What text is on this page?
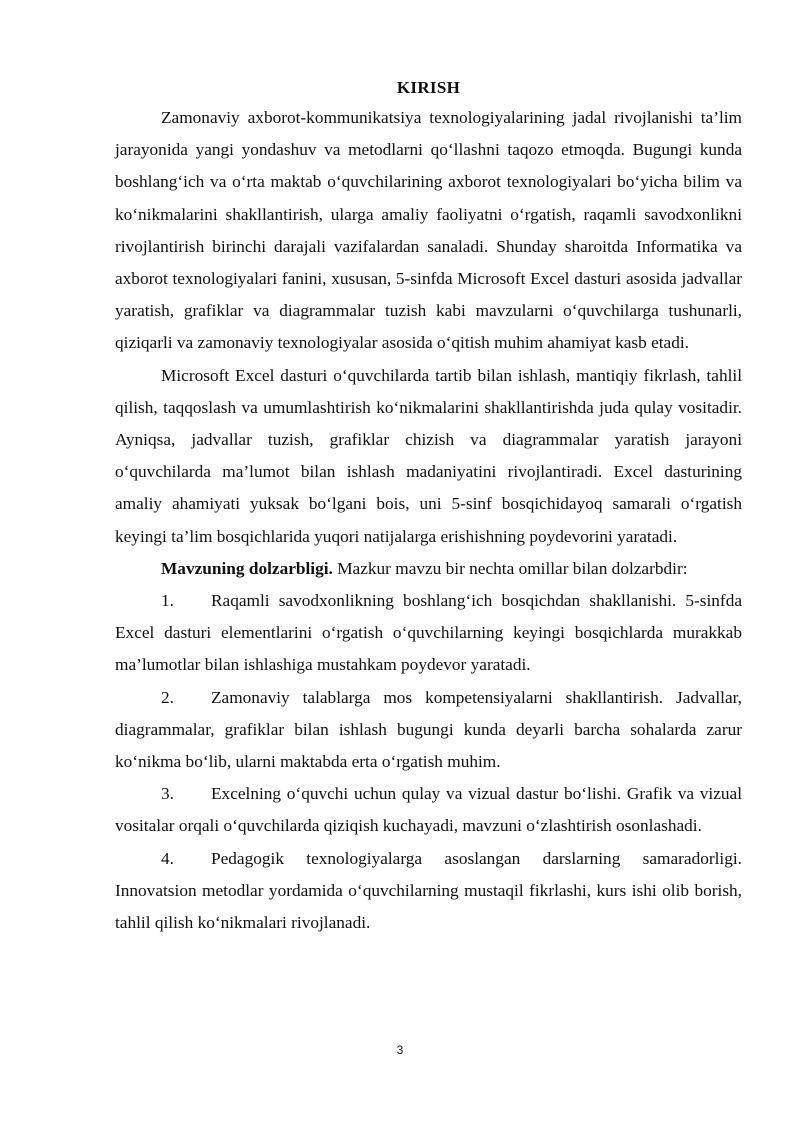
KIRISH

Zamonaviy axborot-kommunikatsiya texnologiyalarining jadal rivojlanishi ta’lim jarayonida yangi yondashuv va metodlarni qo‘llashni taqozo etmoqda. Bugungi kunda boshlang‘ich va o‘rta maktab o‘quvchilarining axborot texnologiyalari bo‘yicha bilim va ko‘nikmalarini shakllantirish, ularga amaliy faoliyatni o‘rgatish, raqamli savodxonlikni rivojlantirish birinchi darajali vazifalardan sanaladi. Shunday sharoitda Informatika va axborot texnologiyalari fanini, xususan, 5-sinfda Microsoft Excel dasturi asosida jadvallar yaratish, grafiklar va diagrammalar tuzish kabi mavzularni o‘quvchilarga tushunarli, qiziqarli va zamonaviy texnologiyalar asosida o‘qitish muhim ahamiyat kasb etadi.

Microsoft Excel dasturi o‘quvchilarda tartib bilan ishlash, mantiqiy fikrlash, tahlil qilish, taqqoslash va umumlashtirish ko‘nikmalarini shakllantirishda juda qulay vositadir. Ayniqsa, jadvallar tuzish, grafiklar chizish va diagrammalar yaratish jarayoni o‘quvchilarda ma’lumot bilan ishlash madaniyatini rivojlantiradi. Excel dasturining amaliy ahamiyati yuksak bo‘lgani bois, uni 5-sinf bosqichidayoq samarali o‘rgatish keyingi ta’lim bosqichlarida yuqori natijalarga erishishning poydevorini yaratadi.

Mavzuning dolzarbligi. Mazkur mavzu bir nechta omillar bilan dolzarbdir:

1. Raqamli savodxonlikning boshlang‘ich bosqichdan shakllanishi. 5-sinfda Excel dasturi elementlarini o‘rgatish o‘quvchilarning keyingi bosqichlarda murakkab ma’lumotlar bilan ishlashiga mustahkam poydevor yaratadi.

2. Zamonaviy talablarga mos kompetensiyalarni shakllantirish. Jadvallar, diagrammalar, grafiklar bilan ishlash bugungi kunda deyarli barcha sohalarda zarur ko‘nikma bo‘lib, ularni maktabda erta o‘rgatish muhim.

3. Excelning o‘quvchi uchun qulay va vizual dastur bo‘lishi. Grafik va vizual vositalar orqali o‘quvchilarda qiziqish kuchayadi, mavzuni o‘zlashtirish osonlashadi.

4. Pedagogik texnologiyalarga asoslangan darslarning samaradorligi. Innovatsion metodlar yordamida o‘quvchilarning mustaqil fikrlashi, kurs ishi olib borish, tahlil qilish ko‘nikmalari rivojlanadi.

3
